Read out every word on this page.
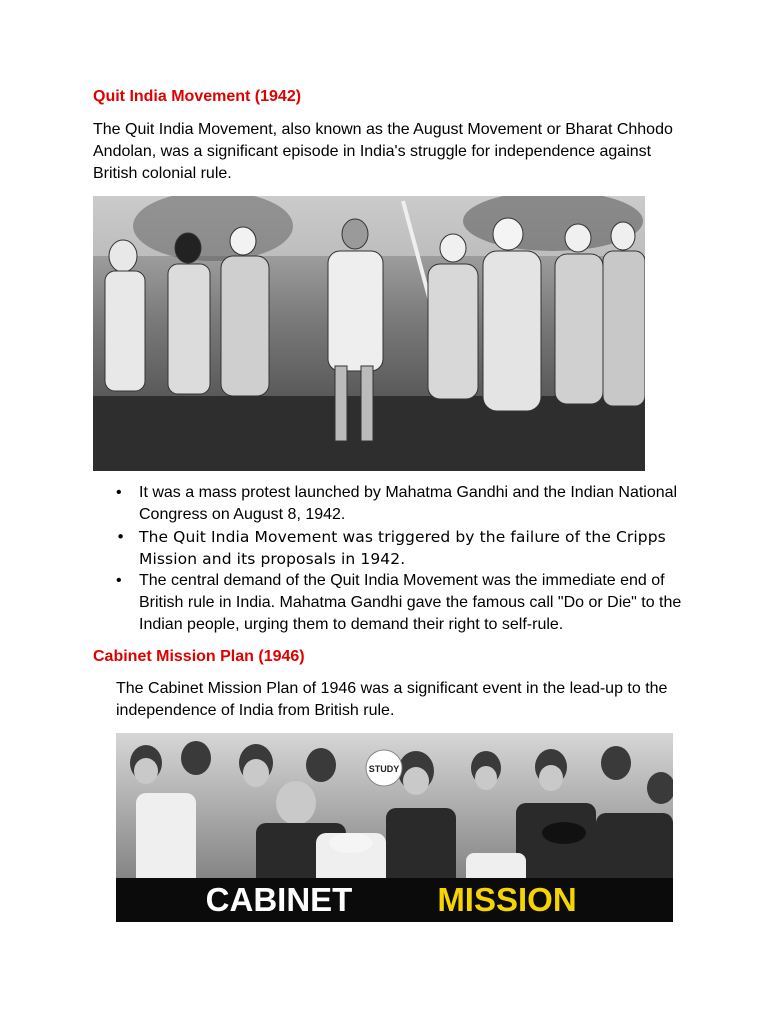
Quit India Movement (1942)

The Quit India Movement, also known as the August Movement or Bharat Chhodo Andolan, was a significant episode in India's struggle for independence against British colonial rule.

• It was a mass protest launched by Mahatma Gandhi and the Indian National Congress on August 8, 1942.
• The Quit India Movement was triggered by the failure of the Cripps Mission and its proposals in 1942.
• The central demand of the Quit India Movement was the immediate end of British rule in India. Mahatma Gandhi gave the famous call "Do or Die" to the Indian people, urging them to demand their right to self-rule.
Cabinet Mission Plan (1946)

The Cabinet Mission Plan of 1946 was a significant event in the lead-up to the independence of India from British rule.

STUDY
CABINET	MISSION
